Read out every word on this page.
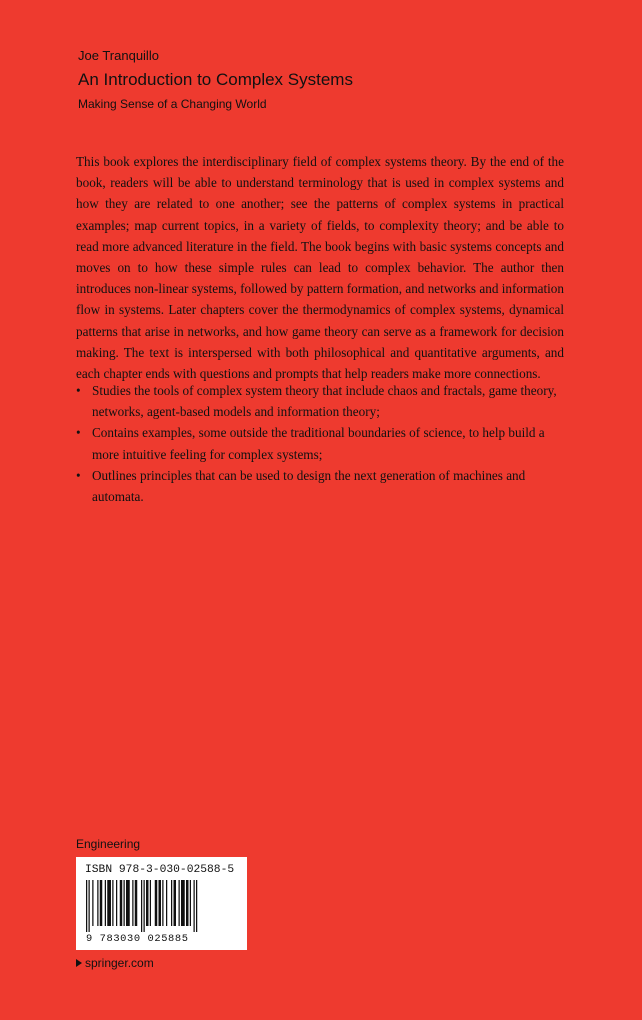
Joe Tranquillo
An Introduction to Complex Systems
Making Sense of a Changing World

This book explores the interdisciplinary field of complex systems theory. By the end of the book, readers will be able to understand terminology that is used in complex systems and how they are related to one another; see the patterns of complex systems in practical examples; map current topics, in a variety of fields, to complexity theory; and be able to read more advanced literature in the field. The book begins with basic systems concepts and moves on to how these simple rules can lead to complex behavior. The author then introduces non-linear systems, followed by pattern formation, and networks and information flow in systems. Later chapters cover the thermodynamics of complex systems, dynamical patterns that arise in networks, and how game theory can serve as a framework for decision making. The text is interspersed with both philosophical and quantitative arguments, and each chapter ends with questions and prompts that help readers make more connections.

• Studies the tools of complex system theory that include chaos and fractals, game theory, networks, agent-based models and information theory;
• Contains examples, some outside the traditional boundaries of science, to help build a more intuitive feeling for complex systems;
• Outlines principles that can be used to design the next generation of machines and automata.
Engineering
ISBN 978-3-030-02588-5
9 783030 025885
springer.com
